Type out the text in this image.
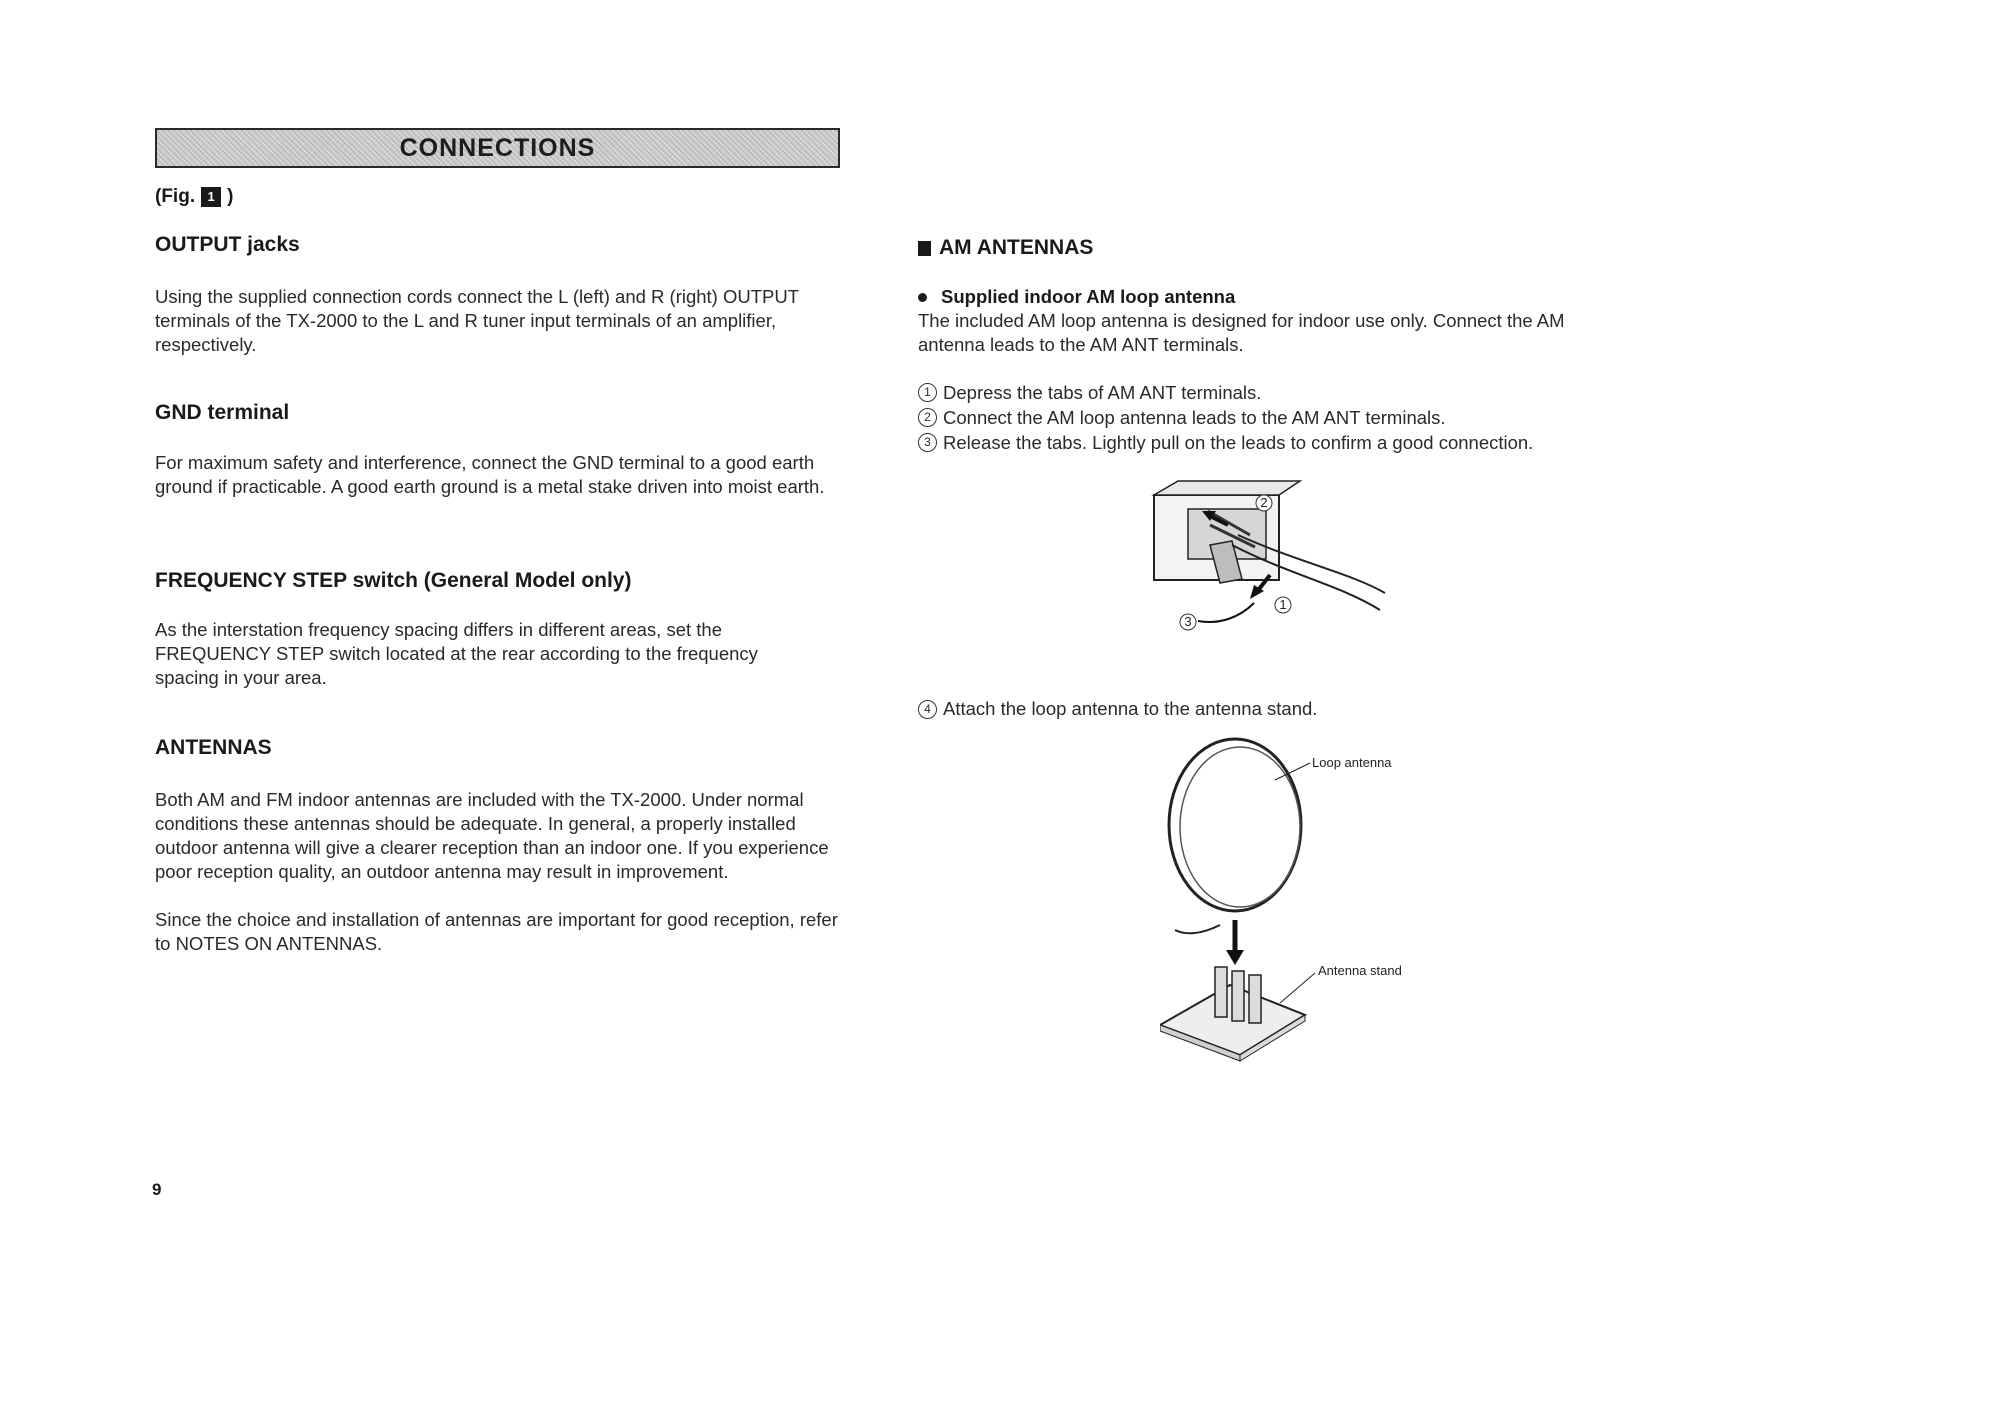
CONNECTIONS
(Fig. 1 )
OUTPUT jacks

Using the supplied connection cords connect the L (left) and R (right) OUTPUT terminals of the TX-2000 to the L and R tuner input terminals of an amplifier, respectively.

GND terminal

For maximum safety and interference, connect the GND terminal to a good earth ground if practicable. A good earth ground is a metal stake driven into moist earth.

FREQUENCY STEP switch (General Model only)

As the interstation frequency spacing differs in different areas, set the FREQUENCY STEP switch located at the rear according to the frequency spacing in your area.

ANTENNAS

Both AM and FM indoor antennas are included with the TX-2000. Under normal conditions these antennas should be adequate. In general, a properly installed outdoor antenna will give a clearer reception than an indoor one. If you experience poor reception quality, an outdoor antenna may result in improvement.

Since the choice and installation of antennas are important for good reception, refer to NOTES ON ANTENNAS.

AM ANTENNAS
Supplied indoor AM loop antenna

The included AM loop antenna is designed for indoor use only. Connect the AM antenna leads to the AM ANT terminals.

1 Depress the tabs of AM ANT terminals.
2 Connect the AM loop antenna leads to the AM ANT terminals.
3 Release the tabs. Lightly pull on the leads to confirm a good connection.
1
2
3
4 Attach the loop antenna to the antenna stand.
Loop antenna
Antenna stand
9
